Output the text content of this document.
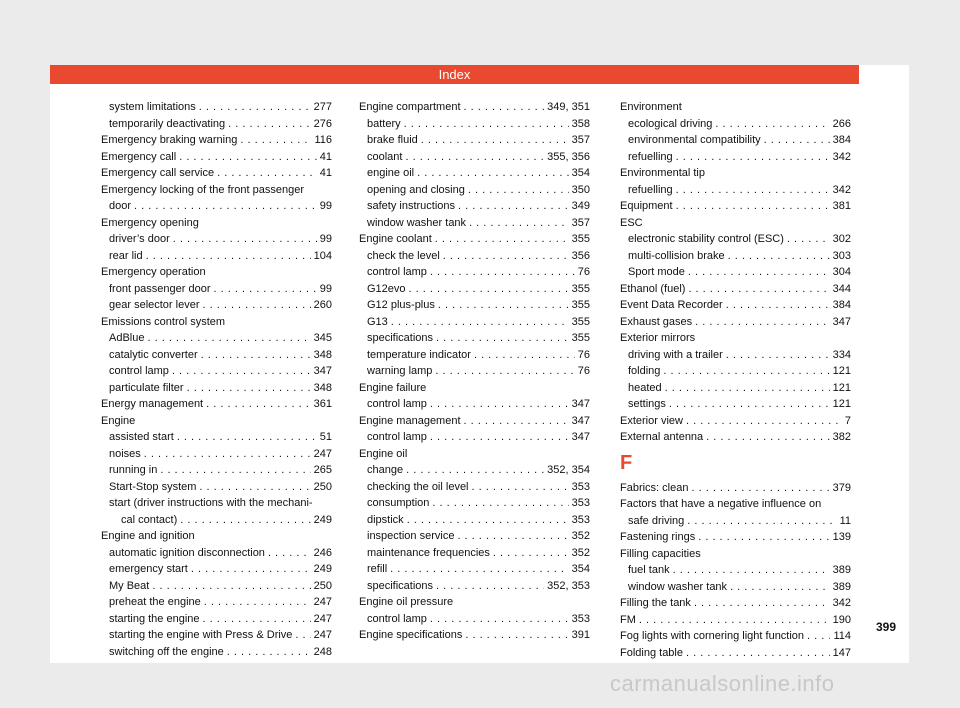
Index
system limitations . . .	277
temporarily deactivating . . .	276
Emergency braking warning . . .	116
Emergency call . . .	41
Emergency call service . . .	41
Emergency locking of the front passenger
door . . .	99
Emergency opening
driver’s door . . .	99
rear lid . . .	104
Emergency operation
front passenger door . . .	99
gear selector lever . . .	260
Emissions control system
AdBlue . . .	345
catalytic converter . . .	348
control lamp . . .	347
particulate filter . . .	348
Energy management . . .	361
Engine
assisted start . . .	51
noises . . .	247
running in . . .	265
Start-Stop system . . .	250
start (driver instructions with the mechani-
cal contact) . . .	249
Engine and ignition
automatic ignition disconnection . . .	246
emergency start . . .	249
My Beat . . .	250
preheat the engine . . .	247
starting the engine . . .	247
starting the engine with Press & Drive . . . 247
switching off the engine . . .	248
Engine compartment . . .	349, 351
battery . . .	358
brake fluid . . .	357
coolant . . .	355, 356
engine oil . . .	354
opening and closing . . .	350
safety instructions . . .	349
window washer tank . . .	357
Engine coolant . . .	355
check the level . . .	356
control lamp . . .	76
G12evo . . .	355
G12 plus-plus . . .	355
G13 . . .	355
specifications . . .	355
temperature indicator . . .	76
warning lamp . . .	76
Engine failure
control lamp . . .	347
Engine management . . .	347
control lamp . . .	347
Engine oil
change . . .	352, 354
checking the oil level . . .	353
consumption . . .	353
dipstick . . .	353
inspection service . . .	352
maintenance frequencies . . .	352
refill . . .	354
specifications . . .	352, 353
Engine oil pressure
control lamp . . .	353
Engine specifications . . .	391
Environment
ecological driving . . .	266
environmental compatibility . . .	384
refuelling . . .	342
Environmental tip
refuelling . . .	342
Equipment . . .	381
ESC
electronic stability control (ESC) . . .	302
multi-collision brake . . .	303
Sport mode . . .	304
Ethanol (fuel) . . .	344
Event Data Recorder . . .	384
Exhaust gases . . .	347
Exterior mirrors
driving with a trailer . . .	334
folding . . .	121
heated . . .	121
settings . . .	121
Exterior view . . .	7
External antenna . . .	382
F
Fabrics: clean . . .	379
Factors that have a negative influence on
safe driving . . .	11
Fastening rings . . .	139
Filling capacities
fuel tank . . .	389
window washer tank . . .	389
Filling the tank . . .	342
FM . . .	190
Fog lights with cornering light function . . .	114
Folding table . . .	147
399
carmanualsonline.info
